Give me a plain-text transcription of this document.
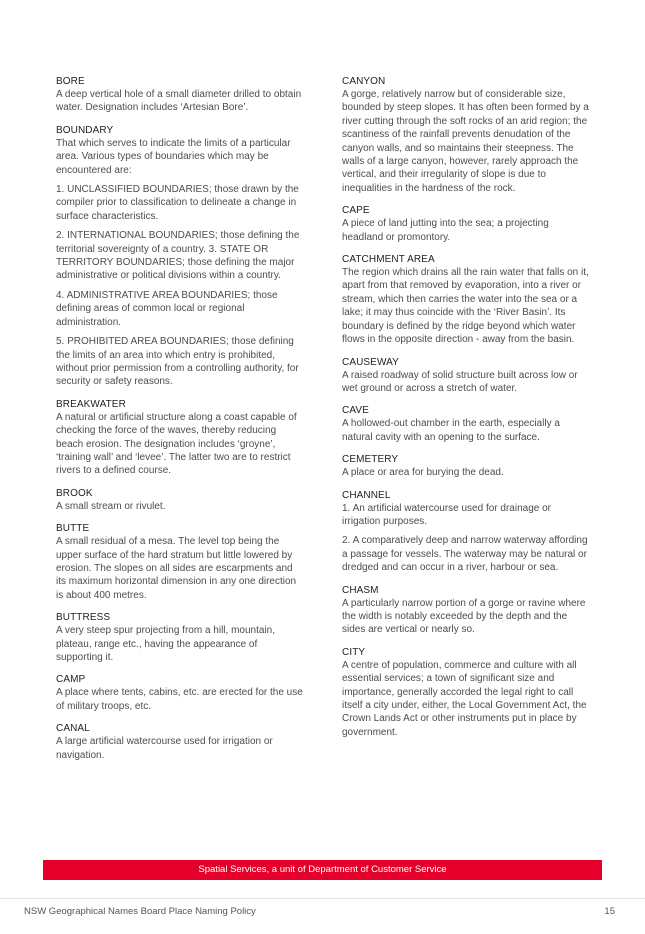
BORE

A deep vertical hole of a small diameter drilled to obtain water. Designation includes ‘Artesian Bore’.

BOUNDARY

That which serves to indicate the limits of a particular area. Various types of boundaries which may be encountered are:

1. UNCLASSIFIED BOUNDARIES; those drawn by the compiler prior to classification to delineate a change in surface characteristics.

2. INTERNATIONAL BOUNDARIES; those defining the territorial sovereignty of a country. 3. STATE OR TERRITORY BOUNDARIES; those defining the major administrative or political divisions within a country.

4. ADMINISTRATIVE AREA BOUNDARIES; those defining areas of common local or regional administration.

5. PROHIBITED AREA BOUNDARIES; those defining the limits of an area into which entry is prohibited, without prior permission from a controlling authority, for security or safety reasons.

BREAKWATER

A natural or artificial structure along a coast capable of checking the force of the waves, thereby reducing beach erosion. The designation includes ‘groyne’, ‘training wall’ and ‘levee’. The latter two are to restrict rivers to a defined course.

BROOK

A small stream or rivulet.

BUTTE

A small residual of a mesa. The level top being the upper surface of the hard stratum but little lowered by erosion. The slopes on all sides are escarpments and its maximum horizontal dimension in any one direction is about 400 metres.

BUTTRESS

A very steep spur projecting from a hill, mountain, plateau, range etc., having the appearance of supporting it.

CAMP

A place where tents, cabins, etc. are erected for the use of military troops, etc.

CANAL

A large artificial watercourse used for irrigation or navigation.

CANYON

A gorge, relatively narrow but of considerable size, bounded by steep slopes. It has often been formed by a river cutting through the soft rocks of an arid region; the scantiness of the rainfall prevents denudation of the canyon walls, and so maintains their steepness. The walls of a large canyon, however, rarely approach the vertical, and their irregularity of slope is due to inequalities in the hardness of the rock.

CAPE

A piece of land jutting into the sea; a projecting headland or promontory.

CATCHMENT AREA

The region which drains all the rain water that falls on it, apart from that removed by evaporation, into a river or stream, which then carries the water into the sea or a lake; it may thus coincide with the ‘River Basin’. Its boundary is defined by the ridge beyond which water flows in the opposite direction - away from the basin.

CAUSEWAY

A raised roadway of solid structure built across low or wet ground or across a stretch of water.

CAVE

A hollowed-out chamber in the earth, especially a natural cavity with an opening to the surface.

CEMETERY

A place or area for burying the dead.

CHANNEL

1. An artificial watercourse used for drainage or irrigation purposes.

2. A comparatively deep and narrow waterway affording a passage for vessels. The waterway may be natural or dredged and can occur in a river, harbour or sea.

CHASM

A particularly narrow portion of a gorge or ravine where the width is notably exceeded by the depth and the sides are vertical or nearly so.

CITY

A centre of population, commerce and culture with all essential services; a town of significant size and importance, generally accorded the legal right to call itself a city under, either, the Local Government Act, the Crown Lands Act or other instruments put in place by government.

Spatial Services, a unit of Department of Customer Service
NSW Geographical Names Board Place Naming Policy	15
